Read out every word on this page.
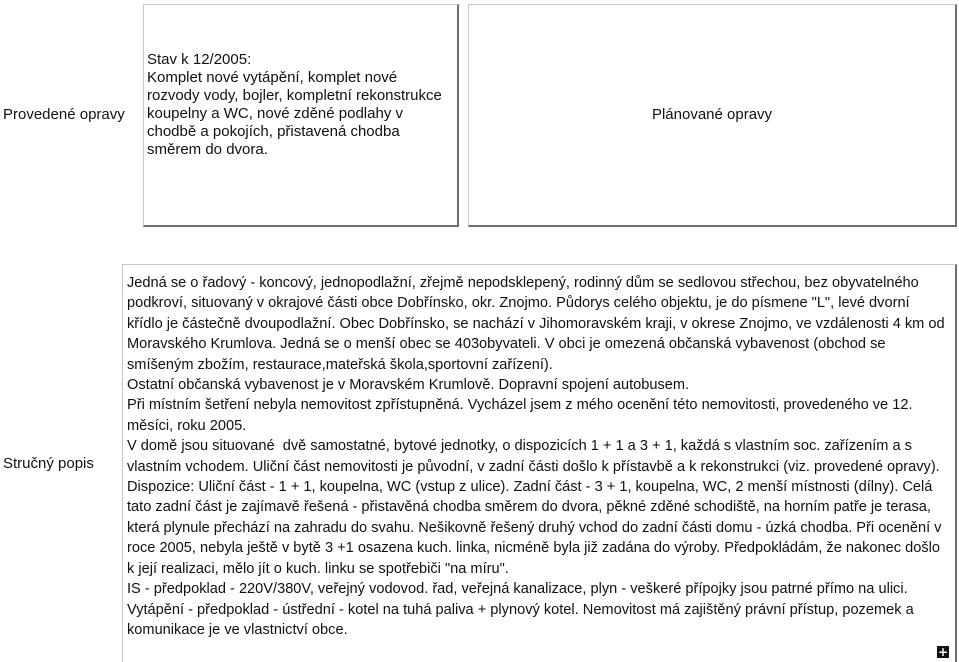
Provedené opravy
Stav k 12/2005:
Komplet nové vytápění, komplet nové rozvody vody, bojler, kompletní rekonstrukce koupelny a WC, nové zdě​né podlahy v chodbě a pokojích, přistavená chodba směrem do dvora.
Plánované opravy
Stručný popis
Jedná se o řadový - koncový, jednopodlažní, zřejmě nepodsklepený, rodinný dům se sedlovou střechou, bez obyvatelného podkroví, situovaný v okrajové části obce Dobřínsko, okr. Znojmo. Půdorys celého objektu, je do písmene "L", levé dvorní křídlo je částečně dvoupodlažní. Obec Dobřínsko, se nachází v Jihomoravském kraji, v okrese Znojmo, ve vzdálenosti 4 km od Moravského Krumlova. Jedná se o menší obec se 403obyvateli. V obci je omezená občanská vybavenost (obchod se smíšeným zbožím, restaurace,mateřská škola,sportovní zařízení).
Ostatní občanská vybavenost je v Moravském Krumlově. Dopravní spojení autobusem.
Při místním šetření nebyla nemovitost zpřístupněná. Vycházel jsem z mého ocenění této nemovitosti, provedeného ve 12. měsíci, roku 2005.
V domě jsou situované  dvě samostatné, bytové jednotky, o dispozicích 1 + 1 a 3 + 1, každá s vlastním soc. zařízením a s vlastním vchodem. Uliční část nemovitosti je původní, v zadní části došlo k přístavbě a k rekonstrukci (viz. provedené opravy). Dispozice: Uliční část - 1 + 1, koupelna, WC (vstup z ulice). Zadní část - 3 + 1, koupelna, WC, 2 menší místnosti (dílny). Celá tato zadní část je zajímavě řešená - přistavěná chodba směrem do dvora, pěkné zděné schodiště, na horním patře je terasa, která plynule přechází na zahradu do svahu. Nešikovně řešený druhý vchod do zadní části domu - úzká chodba. Při ocenění v roce 2005, nebyla ještě v bytě 3 +1 osazena kuch. linka, nicméně byla již zadána do výroby. Předpokládám, že nakonec došlo k její realizaci, mělo jít o kuch. linku se spotřebiči "na míru".
IS - předpoklad - 220V/380V, veřejný vodovod. řad, veřejná kanalizace, plyn - veškeré přípojky jsou patrné přímo na ulici. Vytápění - předpoklad - ústřední - kotel na tuhá paliva + plynový kotel. Nemovitost má zajištěný právní přístup, pozemek a komunikace je ve vlastnictví obce.
+
